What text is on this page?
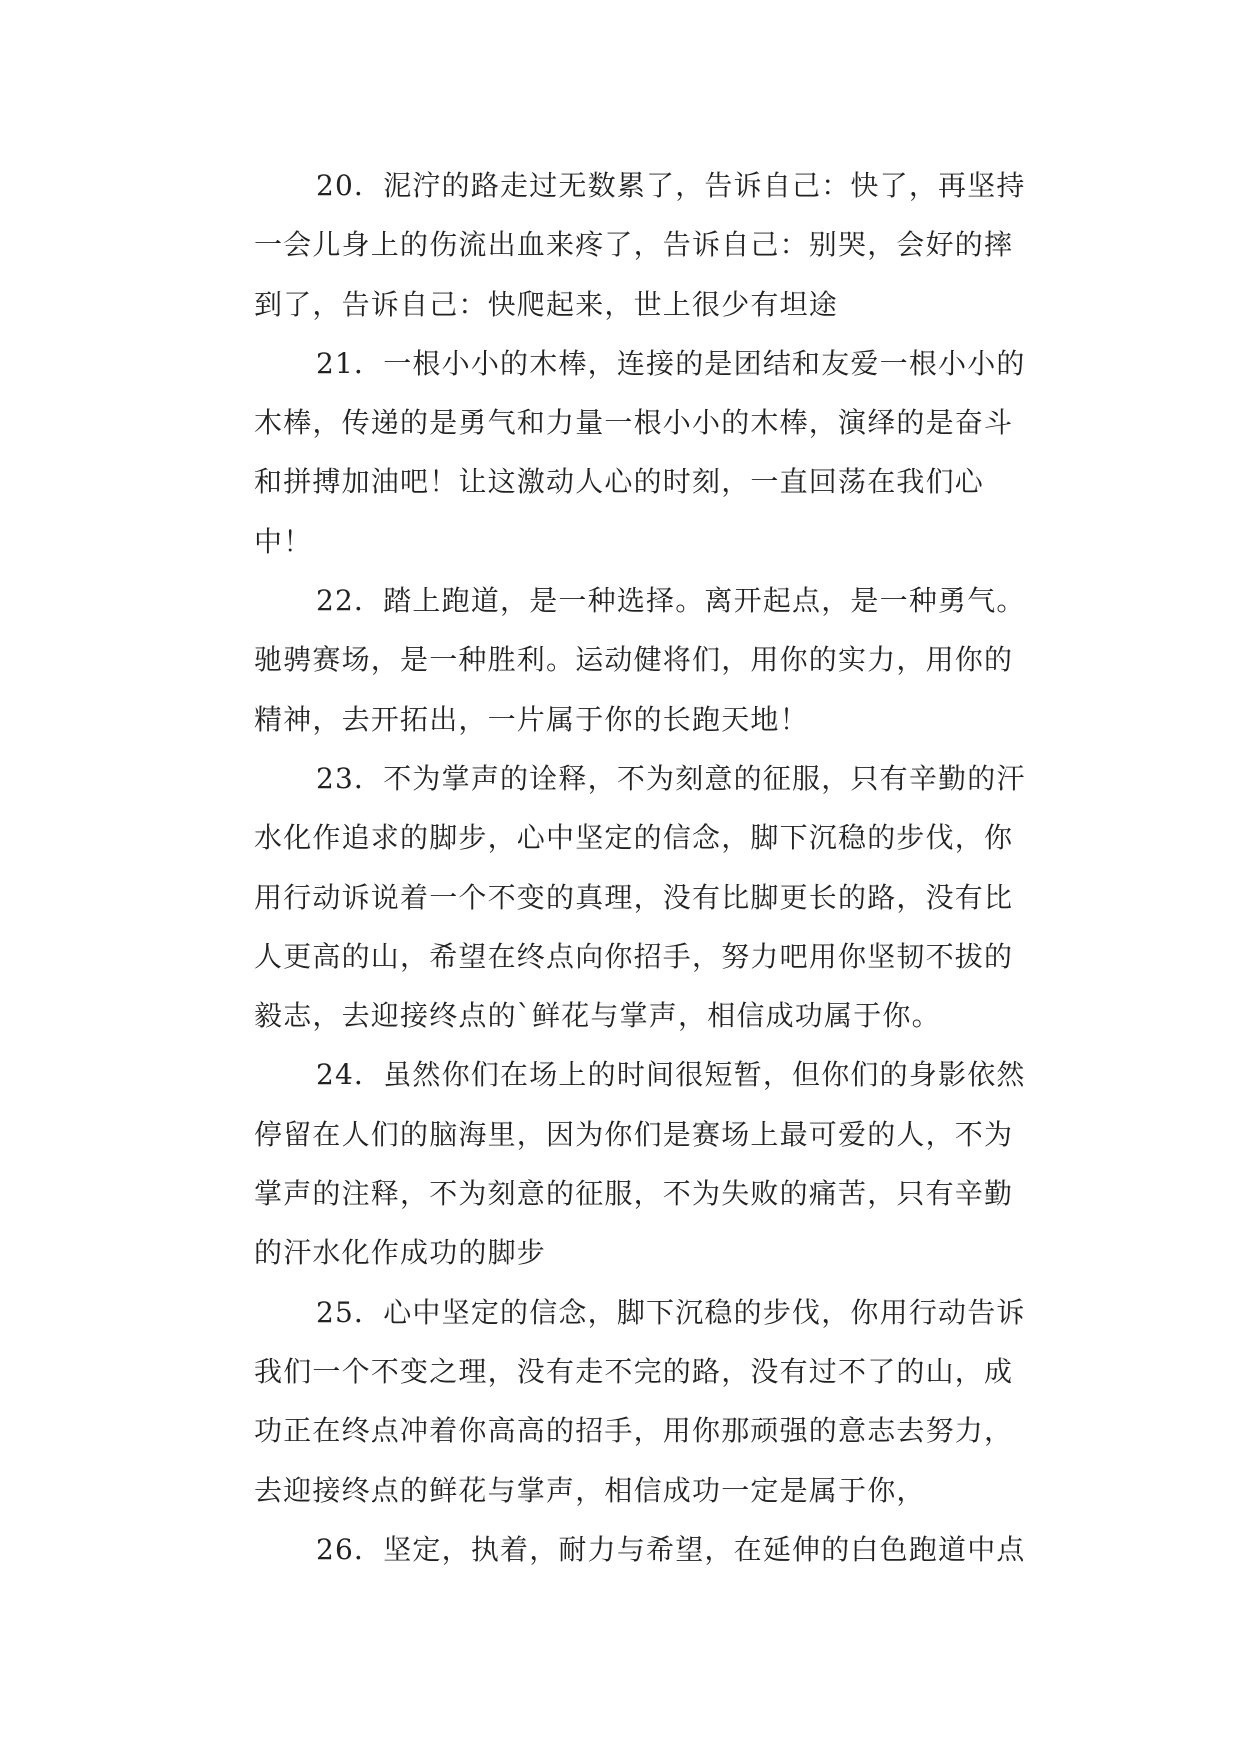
20．泥泞的路走过无数累了，告诉自己：快了，再坚持
一会儿身上的伤流出血来疼了，告诉自己：别哭，会好的摔
到了，告诉自己：快爬起来，世上很少有坦途
21．一根小小的木棒，连接的是团结和友爱一根小小的
木棒，传递的是勇气和力量一根小小的木棒，演绎的是奋斗
和拼搏加油吧！让这激动人心的时刻，一直回荡在我们心
中！
22．踏上跑道，是一种选择。离开起点，是一种勇气。
驰骋赛场，是一种胜利。运动健将们，用你的实力，用你的
精神，去开拓出，一片属于你的长跑天地！
23．不为掌声的诠释，不为刻意的征服，只有辛勤的汗
水化作追求的脚步，心中坚定的信念，脚下沉稳的步伐，你
用行动诉说着一个不变的真理，没有比脚更长的路，没有比
人更高的山，希望在终点向你招手，努力吧用你坚韧不拔的
毅志，去迎接终点的`鲜花与掌声，相信成功属于你。
24．虽然你们在场上的时间很短暂，但你们的身影依然
停留在人们的脑海里，因为你们是赛场上最可爱的人，不为
掌声的注释，不为刻意的征服，不为失败的痛苦，只有辛勤
的汗水化作成功的脚步
25．心中坚定的信念，脚下沉稳的步伐，你用行动告诉
我们一个不变之理，没有走不完的路，没有过不了的山，成
功正在终点冲着你高高的招手，用你那顽强的意志去努力，
去迎接终点的鲜花与掌声，相信成功一定是属于你，
26．坚定，执着，耐力与希望，在延伸的白色跑道中点
